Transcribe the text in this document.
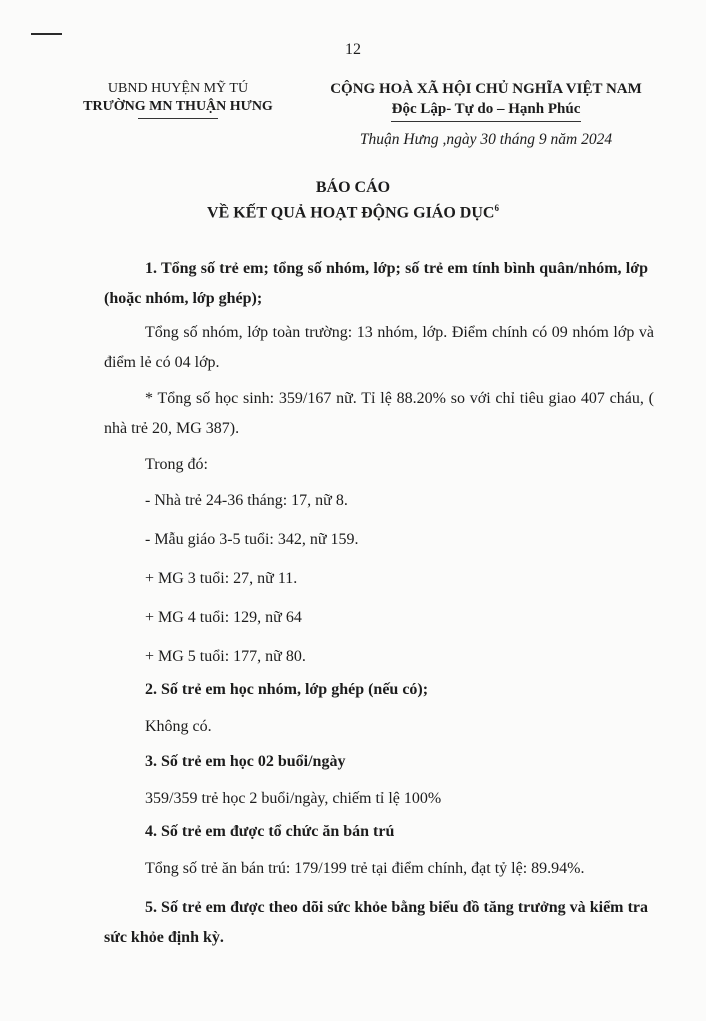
12
UBND HUYỆN MỸ TÚ
TRƯỜNG MN THUẬN HƯNG
CỘNG HOÀ XÃ HỘI CHỦ NGHĨA VIỆT NAM
Độc Lập- Tự do – Hạnh Phúc
Thuận Hưng ,ngày 30 tháng 9 năm 2024
BÁO CÁO
VỀ KẾT QUẢ HOẠT ĐỘNG GIÁO DỤC$^6$
1. Tổng số trẻ em; tổng số nhóm, lớp; số trẻ em tính bình quân/nhóm, lớp (hoặc nhóm, lớp ghép);
Tổng số nhóm, lớp toàn trường: 13 nhóm, lớp. Điểm chính có 09 nhóm lớp và điểm lẻ có 04 lớp.
* Tổng số học sinh: 359/167 nữ. Tỉ lệ 88.20% so với chỉ tiêu giao 407 cháu, ( nhà trẻ 20, MG 387).
Trong đó:
- Nhà trẻ 24-36 tháng: 17, nữ 8.
- Mẫu giáo 3-5 tuổi: 342, nữ 159.
+ MG 3 tuổi: 27, nữ 11.
+ MG 4 tuổi: 129, nữ 64
+ MG 5 tuổi: 177, nữ 80.
2. Số trẻ em học nhóm, lớp ghép (nếu có);
Không có.
3. Số trẻ em học 02 buổi/ngày
359/359 trẻ học 2 buổi/ngày, chiếm tỉ lệ 100%
4. Số trẻ em được tổ chức ăn bán trú
Tổng số trẻ ăn bán trú: 179/199 trẻ tại điểm chính, đạt tỷ lệ: 89.94%.
5. Số trẻ em được theo dõi sức khỏe bằng biểu đồ tăng trưởng và kiểm tra sức khỏe định kỳ.
